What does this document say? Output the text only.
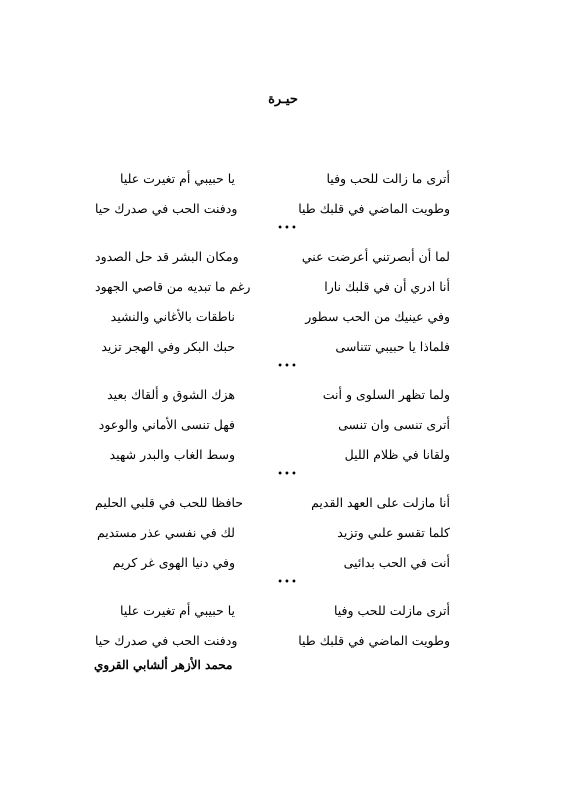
حيـرة
أترى ما زالت للحب وفيا
يا حبيبي أم تغيرت عليا
وطويت الماضي في قلبك طيا
ودفنت الحب في صدرك حيا
•••
لما أن أبصرتني أعرضت عني
ومكان البشر قد حل الصدود
أنا ادري أن في قلبك نارا
رغم ما تبديه من قاصي الجهود
وفي عينيك من الحب سطور
ناطقات بالأغاني والنشيد
فلماذا يا حبيبي تتناسى
حبك البكر وفي الهجر تزيد
•••
ولما تظهر السلوى و أنت
هزك الشوق و ألقاك بعيد
أترى تنسى وان تنسى
فهل تنسى الأماني والوعود
ولقانا في ظلام الليل
وسط الغاب والبدر شهيد
•••
أنا مازلت على العهد القديم
حافظا للحب في قلبي الحليم
كلما تقسو علىي وتزيد
لك في نفسي عذر مستديم
أنت في الحب بدائيى
وفي دنيا الهوى غر كريم
•••
أترى مازلت للحب وفيا
يا حبيبي أم تغيرت عليا
وطويت الماضي في قلبك طيا
ودفنت الحب في صدرك حيا
محمد الأزهر ألشابي القروي
